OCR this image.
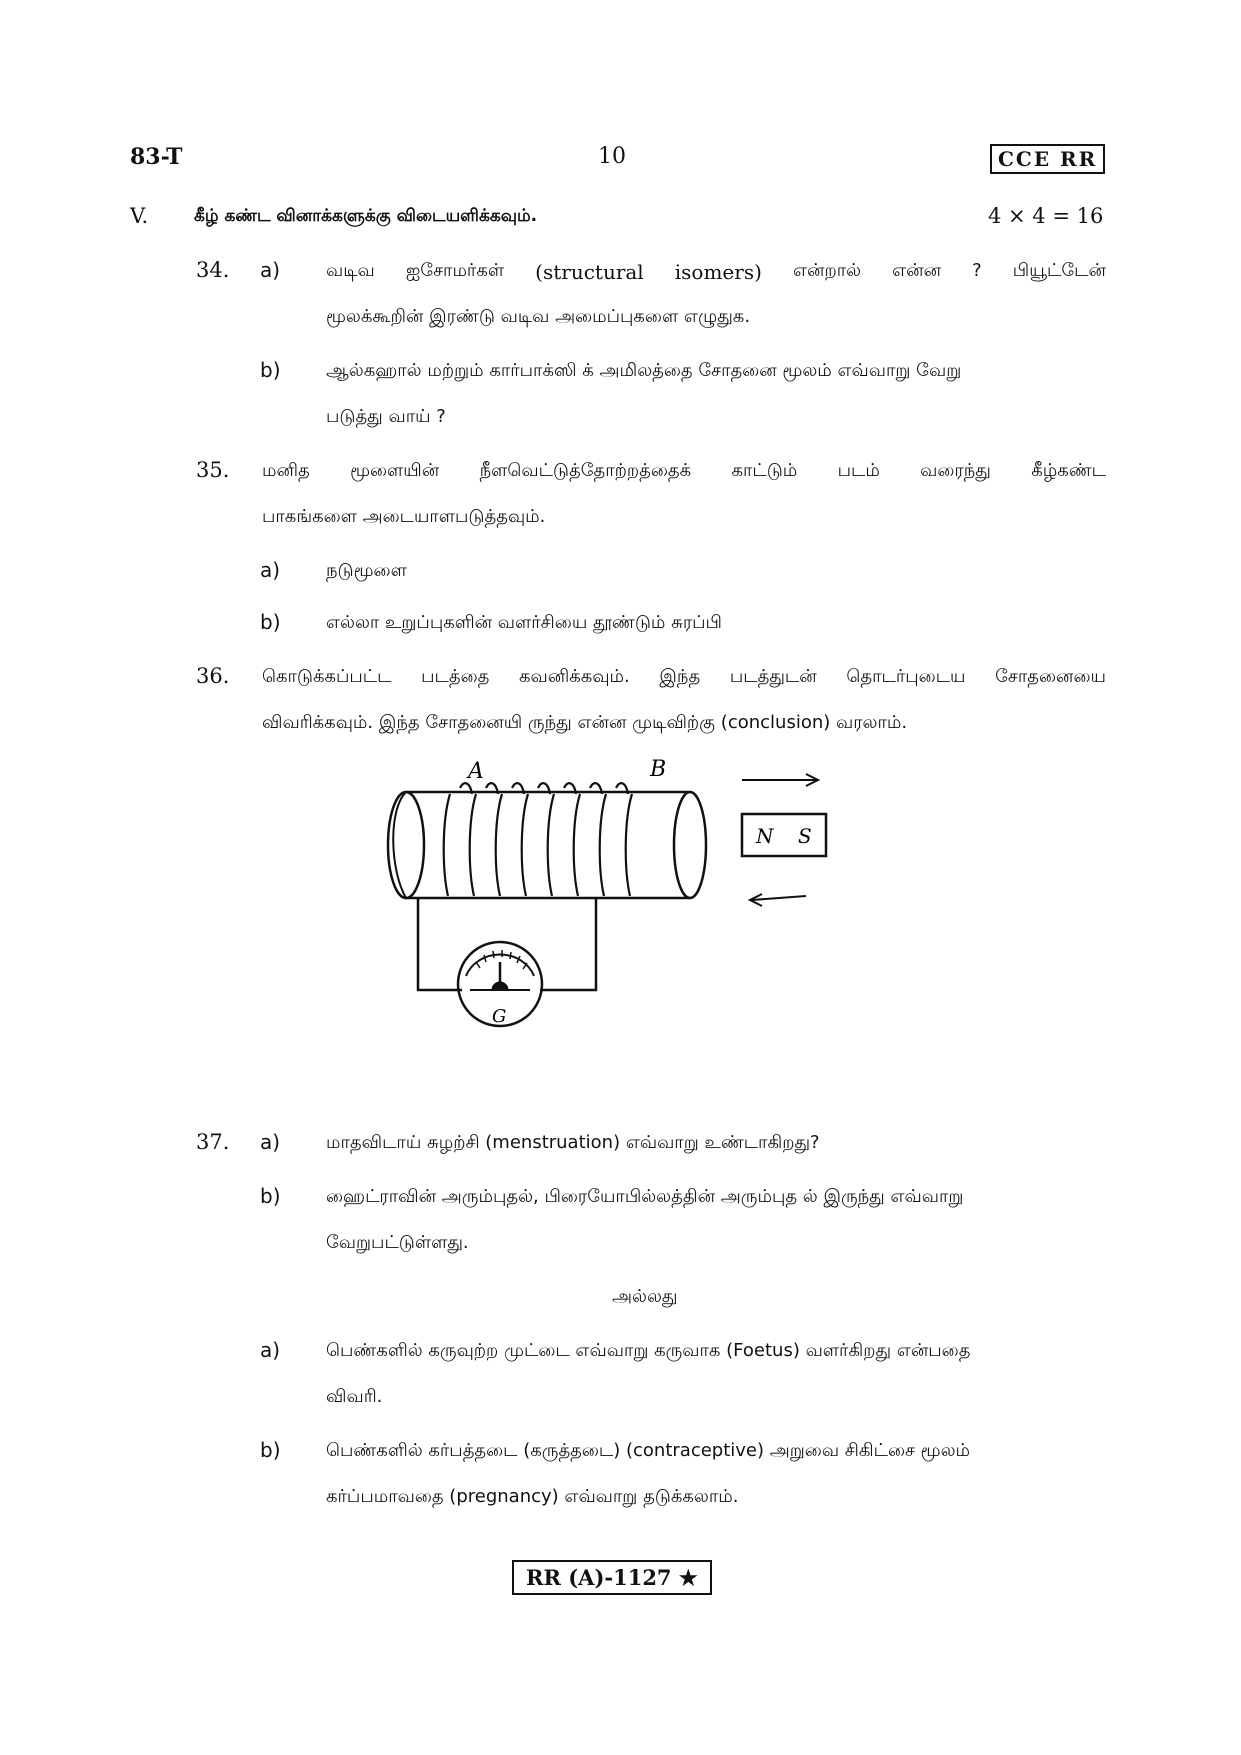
83-T	10	CCE RR
V.	கீழ் கண்ட வினாக்களுக்கு விடையளிக்கவும்.	4 × 4 = 16
34. a)	வடிவ ஐசோமர்கள் (structural isomers) என்றால் என்ன ? பியூட்டேன்
மூலக்கூறின் இரண்டு வடிவ அமைப்புகளை எழுதுக.
b)	ஆல்கஹால் மற்றும் கார்பாக்ஸி க் அமிலத்தை சோதனை மூலம் எவ்வாறு வேறு
படுத்து வாய் ?
35. மனித மூளையின் நீளவெட்டுத்தோற்றத்தைக் காட்டும் படம் வரைந்து கீழ்கண்ட
பாகங்களை அடையாளபடுத்தவும்.
a)	நடுமூளை
b)	எல்லா உறுப்புகளின் வளர்சியை தூண்டும் சுரப்பி
36. கொடுக்கப்பட்ட படத்தை கவனிக்கவும். இந்த படத்துடன் தொடர்புடைய சோதனையை
விவரிக்கவும். இந்த சோதனையி ருந்து என்ன முடிவிற்கு (conclusion) வரலாம்.
A	B
G
N S
37. a)	மாதவிடாய் சுழற்சி (menstruation) எவ்வாறு உண்டாகிறது?
b)	ஹைட்ராவின் அரும்புதல், பிரையோபில்லத்தின் அரும்புத ல் இருந்து எவ்வாறு
வேறுபட்டுள்ளது.
அல்லது
a)	பெண்களில் கருவுற்ற முட்டை எவ்வாறு கருவாக (Foetus) வளர்கிறது என்பதை
விவரி.
b)	பெண்களில் கர்பத்தடை (கருத்தடை) (contraceptive) அறுவை சிகிட்சை மூலம்
கர்ப்பமாவதை (pregnancy) எவ்வாறு தடுக்கலாம்.
RR (A)-1127 ★
